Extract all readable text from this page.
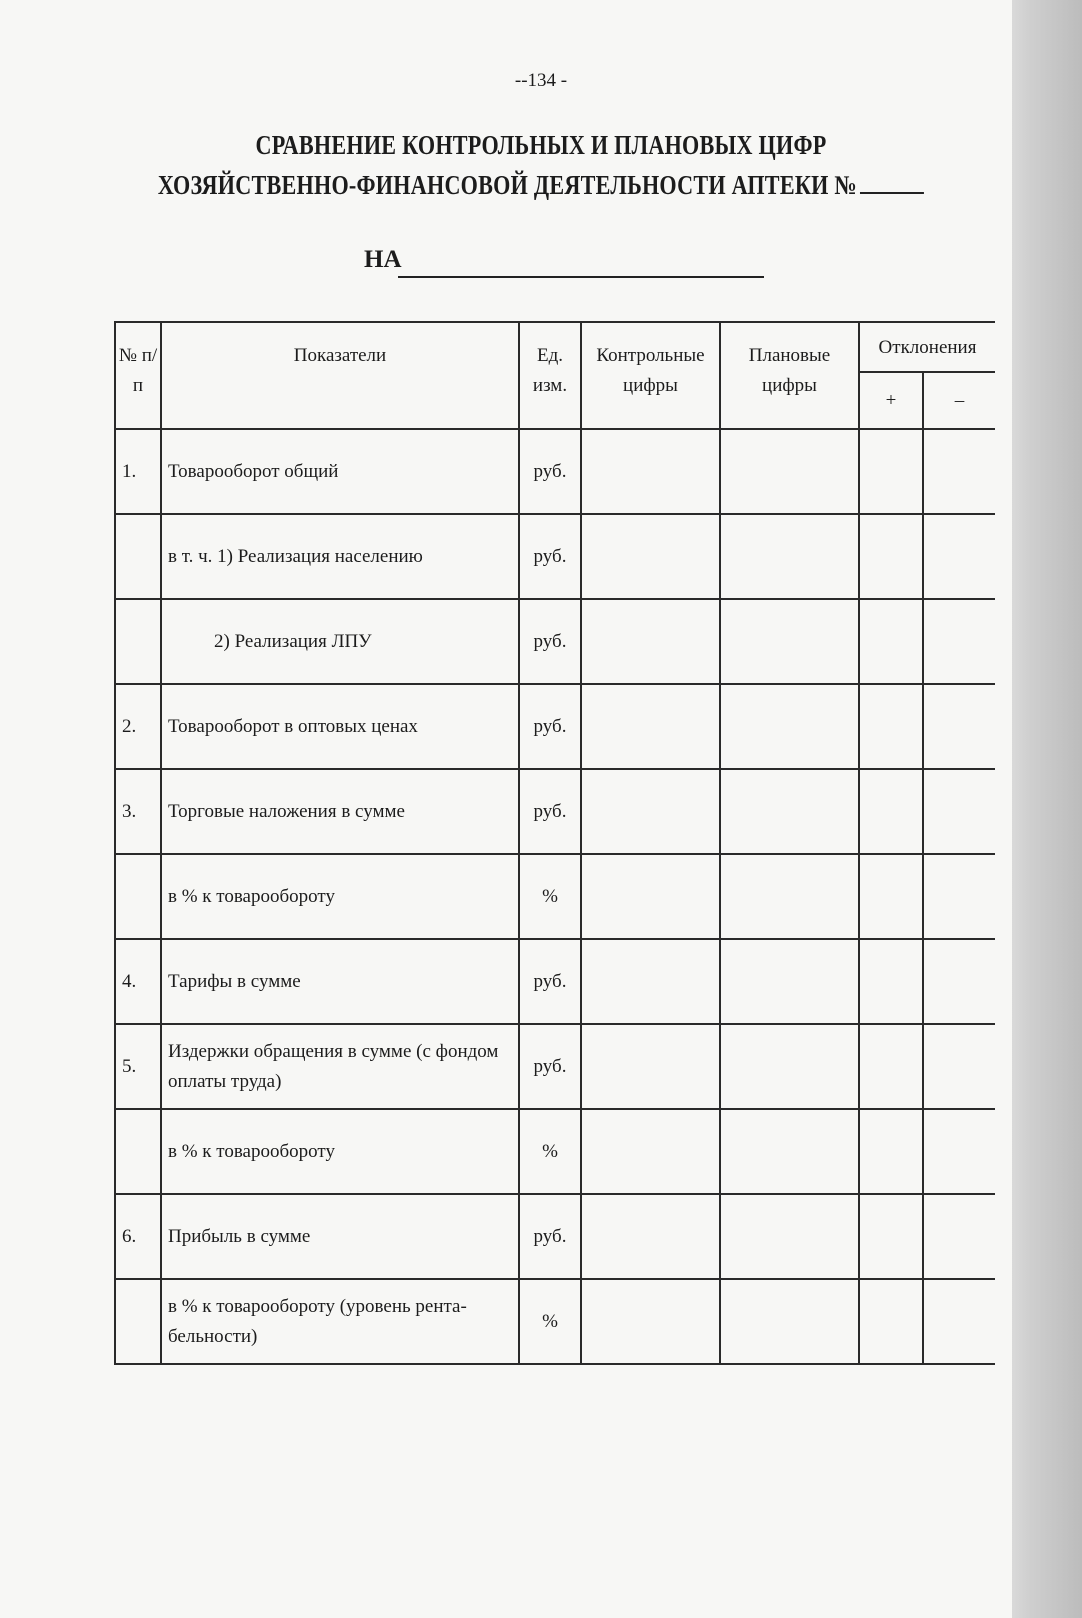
--134 -
СРАВНЕНИЕ КОНТРОЛЬНЫХ И ПЛАНОВЫХ ЦИФР
ХОЗЯЙСТВЕННО-ФИНАНСОВОЙ ДЕЯТЕЛЬНОСТИ АПТЕКИ №
НА
№ п/п	Показатели	Ед. изм.	Контрольные цифры	Плановые цифры	Отклонения	
					+	–
1.	Товарооборот общий	руб.				
	в т. ч. 1) Реализация населению	руб.				
	2) Реализация ЛПУ	руб.				
2.	Товарооборот в оптовых ценах	руб.				
3.	Торговые наложения в сумме	руб.				
	в % к товарообороту	%				
4.	Тарифы в сумме	руб.				
5.	Издержки обращения в сумме (с фондом оплаты труда)	руб.				
	в % к товарообороту	%				
6.	Прибыль в сумме	руб.				
	в % к товарообороту (уровень рента-бельности)	%				
